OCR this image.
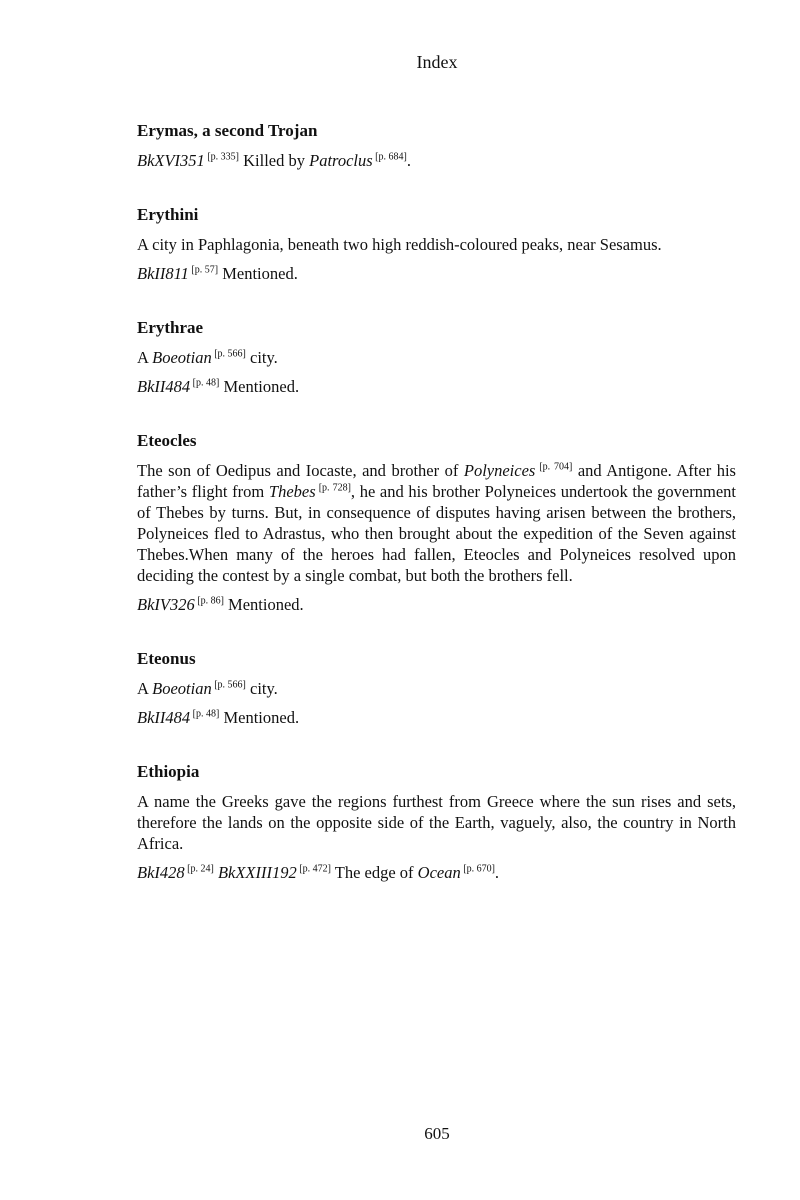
Index
Erymas, a second Trojan

BkXVI351 [p. 335] Killed by Patroclus [p. 684].

Erythini

A city in Paphlagonia, beneath two high reddish-coloured peaks, near Sesamus.

BkII811 [p. 57] Mentioned.

Erythrae

A Boeotian [p. 566] city.

BkII484 [p. 48] Mentioned.

Eteocles

The son of Oedipus and Iocaste, and brother of Polyneices [p. 704] and Antigone. After his father’s flight from Thebes [p. 728], he and his brother Polyneices undertook the government of Thebes by turns. But, in consequence of disputes having arisen between the brothers, Polyneices fled to Adrastus, who then brought about the expedition of the Seven against Thebes.When many of the heroes had fallen, Eteocles and Polyneices resolved upon deciding the contest by a single combat, but both the brothers fell.

BkIV326 [p. 86] Mentioned.

Eteonus

A Boeotian [p. 566] city.

BkII484 [p. 48] Mentioned.

Ethiopia

A name the Greeks gave the regions furthest from Greece where the sun rises and sets, therefore the lands on the opposite side of the Earth, vaguely, also, the country in North Africa.

BkI428 [p. 24] BkXXIII192 [p. 472] The edge of Ocean [p. 670].

605
